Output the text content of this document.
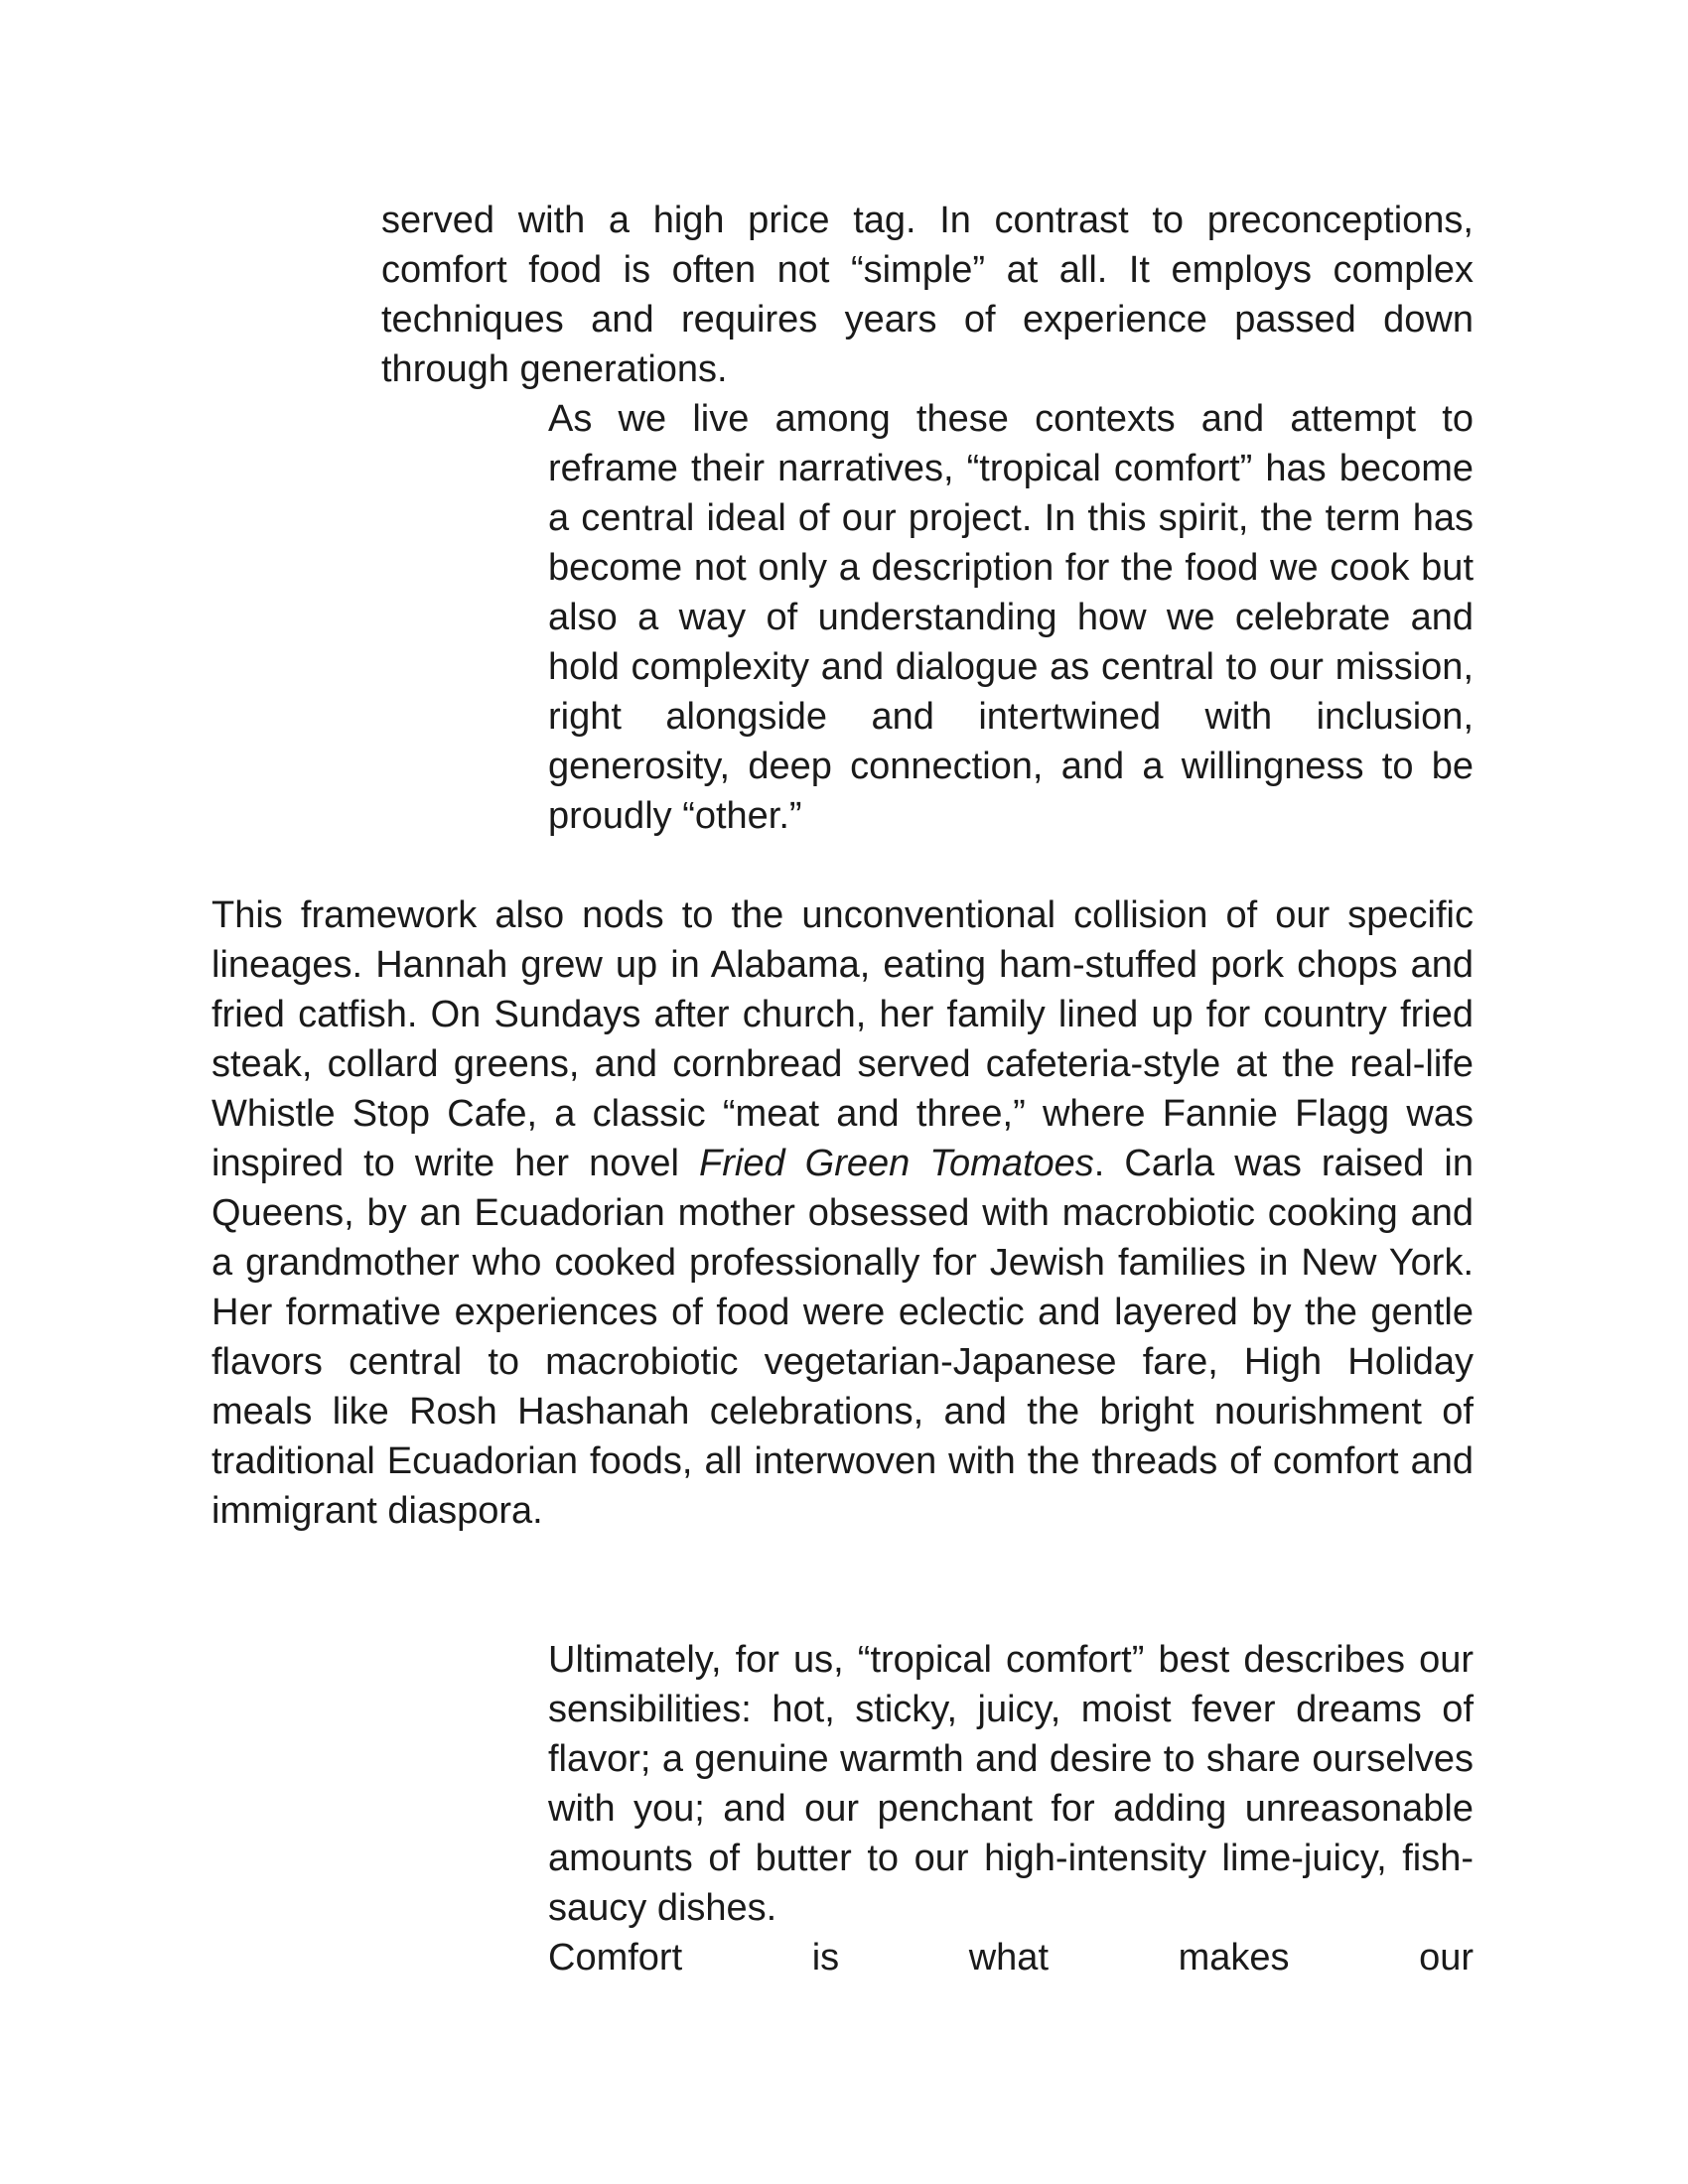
served with a high price tag. In contrast to preconceptions, comfort food is often not “simple” at all. It employs complex techniques and requires years of experience passed down through generations.

As we live among these contexts and attempt to reframe their narratives, “tropical comfort” has become a central ideal of our project. In this spirit, the term has become not only a description for the food we cook but also a way of understanding how we celebrate and hold complexity and dialogue as central to our mission, right alongside and intertwined with inclusion, generosity, deep connection, and a willingness to be proudly “other.”

This framework also nods to the unconventional collision of our specific lineages. Hannah grew up in Alabama, eating ham-stuffed pork chops and fried catfish. On Sundays after church, her family lined up for country fried steak, collard greens, and cornbread served cafeteria-style at the real-life Whistle Stop Cafe, a classic “meat and three,” where Fannie Flagg was inspired to write her novel Fried Green Tomatoes. Carla was raised in Queens, by an Ecuadorian mother obsessed with macrobiotic cooking and a grandmother who cooked professionally for Jewish families in New York. Her formative experiences of food were eclectic and layered by the gentle flavors central to macrobiotic vegetarian-Japanese fare, High Holiday meals like Rosh Hashanah celebrations, and the bright nourishment of traditional Ecuadorian foods, all interwoven with the threads of comfort and immigrant diaspora.

Ultimately, for us, “tropical comfort” best describes our sensibilities: hot, sticky, juicy, moist fever dreams of flavor; a genuine warmth and desire to share ourselves with you; and our penchant for adding unreasonable amounts of butter to our high-intensity lime-juicy, fish-saucy dishes.
Comfort is what makes our
